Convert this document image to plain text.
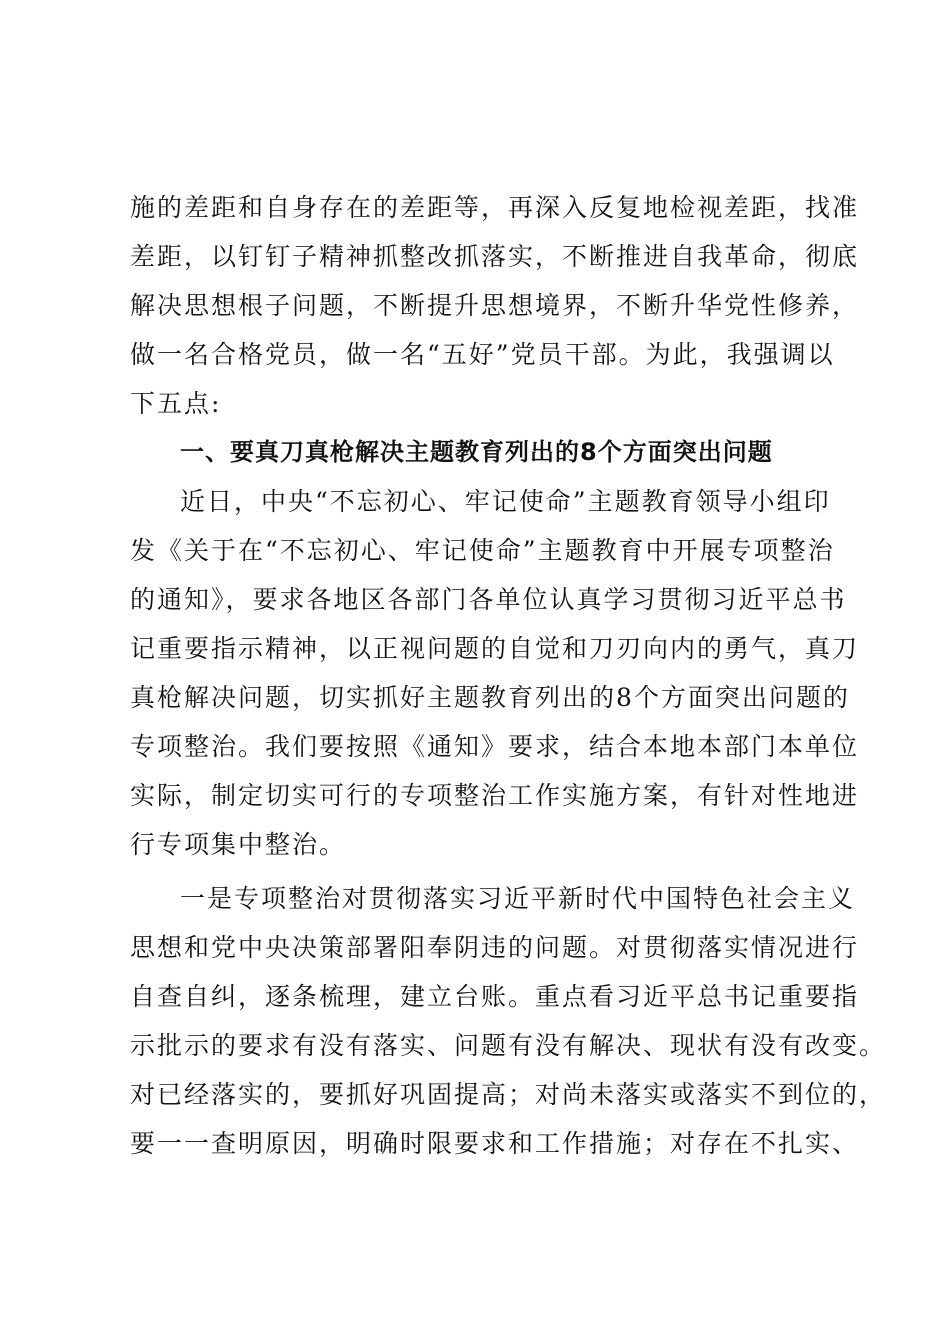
施的差距和自身存在的差距等，再深入反复地检视差距，找准
差距，以钉钉子精神抓整改抓落实，不断推进自我革命，彻底
解决思想根子问题，不断提升思想境界，不断升华党性修养，
做一名合格党员，做一名“五好”党员干部。为此，我强调以
下五点:
一、要真刀真枪解决主题教育列出的8个方面突出问题
近日，中央“不忘初心、牢记使命”主题教育领导小组印
发《关于在“不忘初心、牢记使命”主题教育中开展专项整治
的通知》，要求各地区各部门各单位认真学习贯彻习近平总书
记重要指示精神，以正视问题的自觉和刀刃向内的勇气，真刀
真枪解决问题，切实抓好主题教育列出的8个方面突出问题的
专项整治。我们要按照《通知》要求，结合本地本部门本单位
实际，制定切实可行的专项整治工作实施方案，有针对性地进
行专项集中整治。
一是专项整治对贯彻落实习近平新时代中国特色社会主义
思想和党中央决策部署阳奉阴违的问题。对贯彻落实情况进行
自查自纠，逐条梳理，建立台账。重点看习近平总书记重要指
示批示的要求有没有落实、问题有没有解决、现状有没有改变。
对已经落实的，要抓好巩固提高；对尚未落实或落实不到位的，
要一一查明原因，明确时限要求和工作措施；对存在不扎实、
